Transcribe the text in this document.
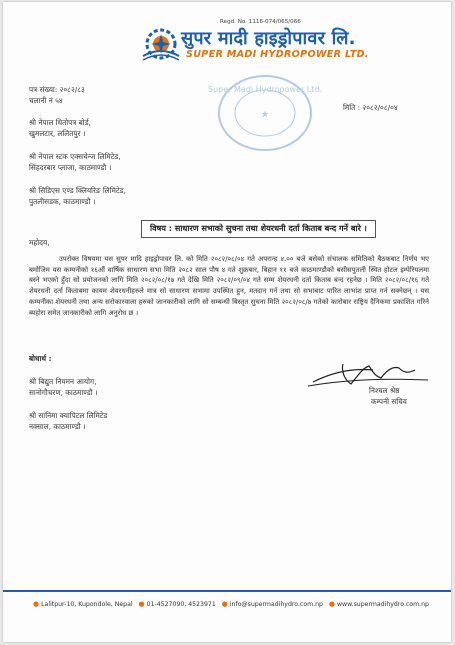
Regd. No. 1116-074/065/066
सुपर मादी हाइड्रोपावर लि.
SUPER MADI HYDROPOWER LTD.
Super Madi Hydropower Ltd.
★
पत्र संख्या: २०८२/८३
चलानी नं ५४
मिति : २०८२/०८/०४
श्री नेपाल धितोपत्र बोर्ड,
खुमलटार, ललितपुर ।
श्री नेपाल स्टक एक्सचेन्ज लिमिटेड,
सिंहदरबार प्लाजा, काठमाण्डौ ।
श्री सिडिएस एण्ड क्लियरिङ लिमिटेड,
पुतलीसडक, काठमाण्डौ ।
विषय : साधारण सभाको सुचना तथा शेयरधनी दर्ता किताब बन्द गर्ने बारे ।
महोदय,
उपरोक्त विषयमा यस सुपर मादि हाइड्रोपावर लि. को मिति २०८२/०८/०४ गते अपरान्ह ४.०० बजे बसेको संचालक समितिको बैठकबाट निर्णय भए बमोजिम यस कम्पनीको १६औं वार्षिक साधारण सभा मिति २०८२ साल पौष ४ गते शुक्रबार, बिहान ११ बजे काठमाण्डौको बसीसपुतली स्थित होटल इम्पेरियलमा बस्ने भएको हुँदा सो प्रयोजनको लागि मिति २०८२/०८/१७ गते देखि मिति २०८२/०९/०४ गते सम्म शेयरधनी दर्ता किताब बन्द रहनेछ । मिति २०८२/०८/१६ गते शेयरधनी दर्ता किताबमा कायम शेयरधनीहरुले मात्र सो साधारण सभामा उपस्थित हुन, मतदान गर्न तथा सो सभाबाट पारित लाभांश प्राप्त गर्न सक्नेछन् । यस कम्पनीका शेयरधनी तथा अन्य सरोकारवाला हरुको जानकारीको लागि सो सम्बन्धी बिस्तृत सुचना मिति २०८२/०८/७ गतेको कारोबार राष्ट्रिय दैनिकमा प्रकाशित गरिने ब्यहोरा समेत जानकारीको लागि अनुरोध छ ।
बोधार्थ :
श्री बिद्युत नियमन आयोग,
सानोगौचरण, काठमाण्डौ ।
श्री सानिमा क्यापिटल लिमिटेड
नक्साल, काठमाण्डौ ।
निश्चल श्रेष्ठ
कम्पनी सचिव
● Lalitpur-10, Kupondole, Nepal ● 01-4527090, 4523971 ● info@supermadihydro.com.np ● www.supermadihydro.com.np
